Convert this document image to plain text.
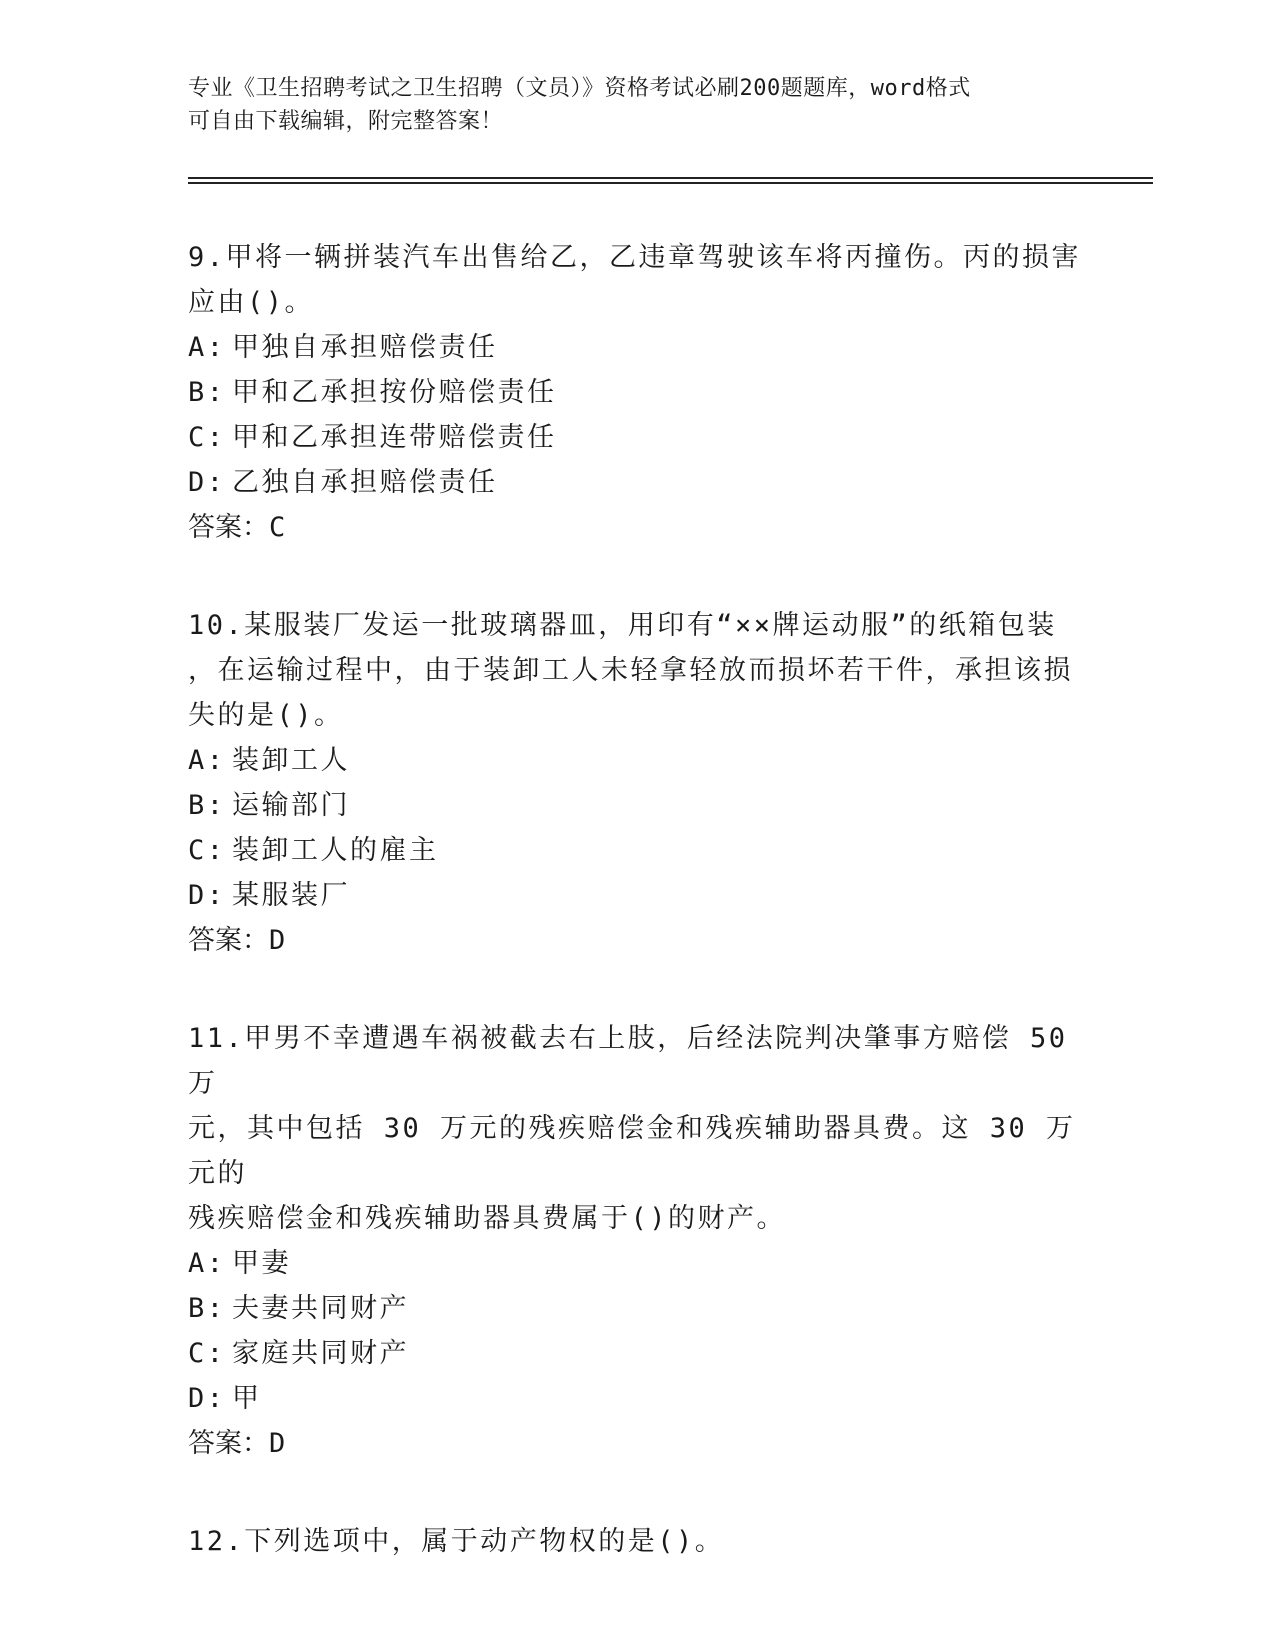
专业《卫生招聘考试之卫生招聘（文员）》资格考试必刷200题题库，word格式
可自由下载编辑，附完整答案！

9.甲将一辆拼装汽车出售给乙，乙违章驾驶该车将丙撞伤。丙的损害

应由()。

A: 甲独自承担赔偿责任
B: 甲和乙承担按份赔偿责任
C: 甲和乙承担连带赔偿责任
D: 乙独自承担赔偿责任

答案：C

10.某服装厂发运一批玻璃器皿，用印有“××牌运动服”的纸箱包装

，在运输过程中，由于装卸工人未轻拿轻放而损坏若干件，承担该损

失的是()。

A: 装卸工人
B: 运输部门
C: 装卸工人的雇主
D: 某服装厂

答案：D

11.甲男不幸遭遇车祸被截去右上肢，后经法院判决肇事方赔偿 50 万

元，其中包括 30 万元的残疾赔偿金和残疾辅助器具费。这 30 万元的

残疾赔偿金和残疾辅助器具费属于()的财产。

A: 甲妻
B: 夫妻共同财产
C: 家庭共同财产
D: 甲

答案：D

12.下列选项中，属于动产物权的是()。
